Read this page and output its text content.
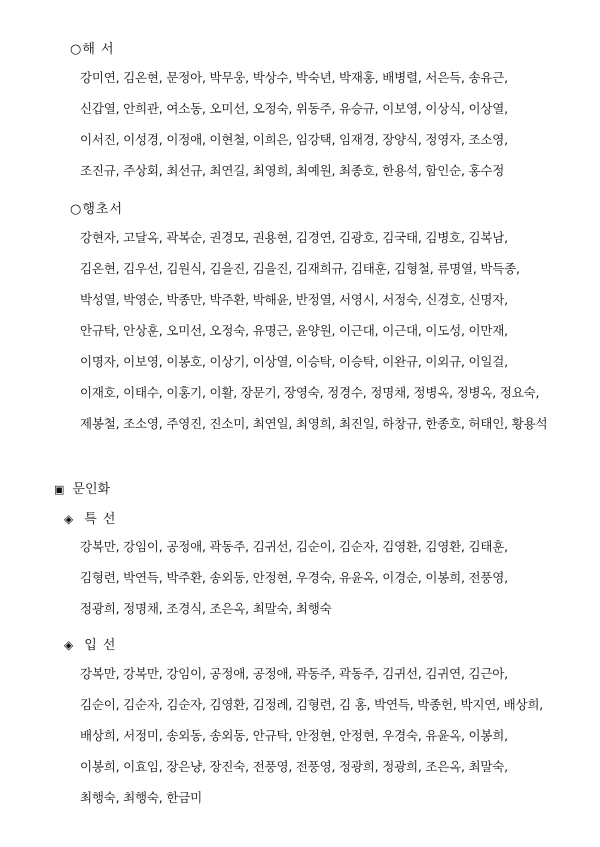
○해 서

강미연, 김온현, 문정아, 박무웅, 박상수, 박숙년, 박재홍, 배병렬, 서은득, 송유근, 신갑열, 안희관, 여소동, 오미선, 오정숙, 위동주, 유승규, 이보영, 이상식, 이상열, 이서진, 이성경, 이정애, 이현철, 이희은, 임강택, 임재경, 장양식, 정영자, 조소영, 조진규, 주상회, 최선규, 최연길, 최영희, 최예원, 최종호, 한용석, 함인순, 홍수정

○행초서

강현자, 고달옥, 곽복순, 권경모, 권용현, 김경연, 김광호, 김국태, 김병호, 김복남, 김온현, 김우선, 김원식, 김을진, 김을진, 김재희규, 김태훈, 김형철, 류명열, 박득종, 박성열, 박영순, 박종만, 박주환, 박해윤, 반정열, 서영시, 서정숙, 신경호, 신명자, 안규탁, 안상훈, 오미선, 오정숙, 유명근, 윤양원, 이근대, 이근대, 이도성, 이만재, 이명자, 이보영, 이봉호, 이상기, 이상열, 이승탁, 이승탁, 이완규, 이외규, 이일걸, 이재호, 이태수, 이홍기, 이활, 장문기, 장영숙, 정경수, 정명채, 정병옥, 정병옥, 정요숙, 제봉철, 조소영, 주영진, 진소미, 최연일, 최영희, 최진일, 하창규, 한종호, 허태인, 황용석

▣ 문인화
◈ 특 선

강복만, 강임이, 공정애, 곽동주, 김귀선, 김순이, 김순자, 김영환, 김영환, 김태훈, 김형련, 박연득, 박주환, 송외동, 안정현, 우경숙, 유윤옥, 이경순, 이봉희, 전풍영, 정광희, 정명채, 조경식, 조은옥, 최말숙, 최행숙

◈ 입 선

강복만, 강복만, 강임이, 공정애, 공정애, 곽동주, 곽동주, 김귀선, 김귀연, 김근아, 김순이, 김순자, 김순자, 김영환, 김정례, 김형련, 김 홍, 박연득, 박종헌, 박지연, 배상희, 배상희, 서정미, 송외동, 송외동, 안규탁, 안정현, 안정현, 우경숙, 유윤옥, 이봉희, 이봉희, 이효임, 장은냥, 장진숙, 전풍영, 전풍영, 정광희, 정광희, 조은옥, 최말숙, 최행숙, 최행숙, 한금미
